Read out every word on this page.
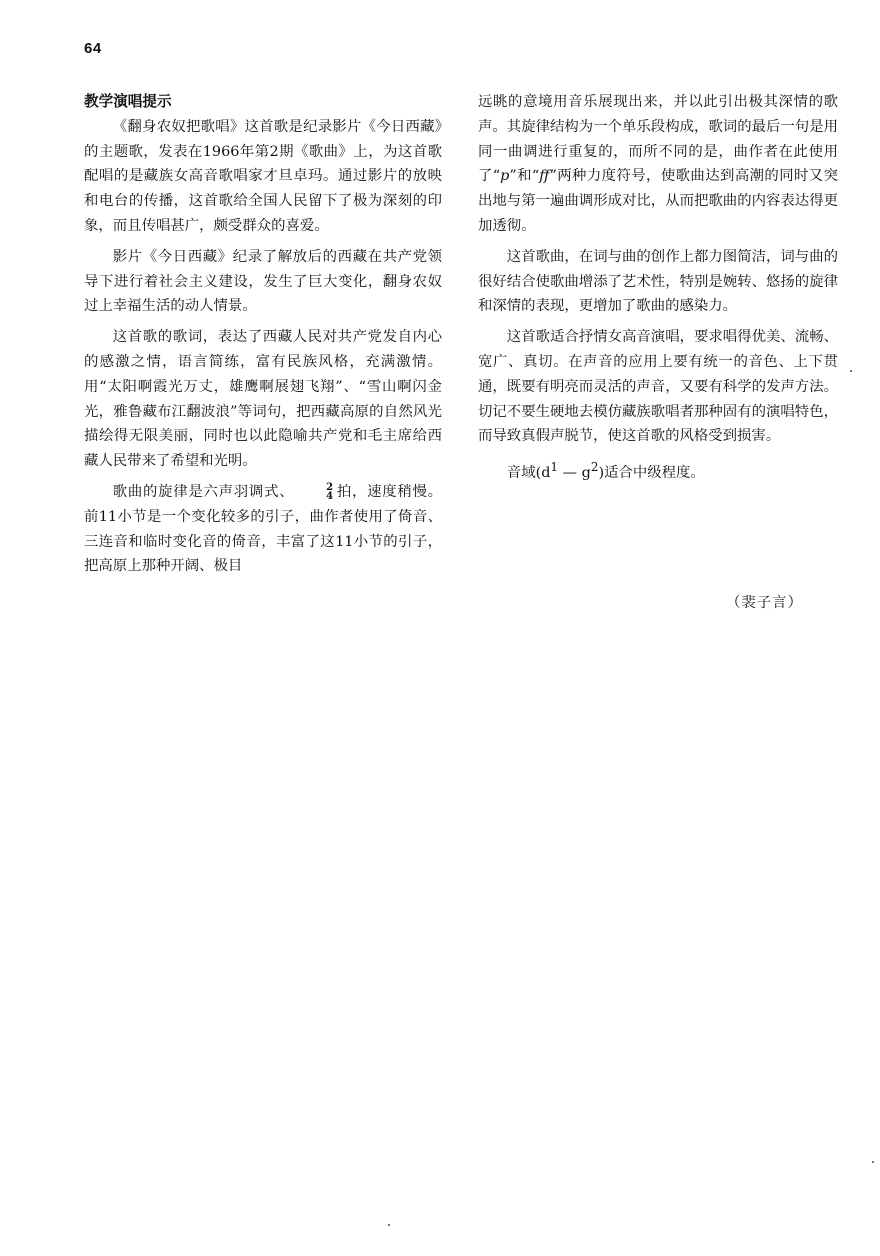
64
教学演唱提示

《翻身农奴把歌唱》这首歌是纪录影片《今日西藏》的主题歌，发表在1966年第2期《歌曲》上，为这首歌配唱的是藏族女高音歌唱家才旦卓玛。通过影片的放映和电台的传播，这首歌给全国人民留下了极为深刻的印象，而且传唱甚广，颇受群众的喜爱。

影片《今日西藏》纪录了解放后的西藏在共产党领导下进行着社会主义建设，发生了巨大变化，翻身农奴过上幸福生活的动人情景。

这首歌的歌词，表达了西藏人民对共产党发自内心的感激之情，语言简练，富有民族风格，充满激情。用“太阳啊霞光万丈，雄鹰啊展翅飞翔”、“雪山啊闪金光，雅鲁藏布江翻波浪”等词句，把西藏高原的自然风光描绘得无限美丽，同时也以此隐喻共产党和毛主席给西藏人民带来了希望和光明。

歌曲的旋律是六声羽调式、	2
4 拍，速度稍慢。前11小节是一个变化较多的引子，曲作者使用了倚音、三连音和临时变化音的倚音，丰富了这11小节的引子，把高原上那种开阔、极目

远眺的意境用音乐展现出来，并以此引出极其深情的歌声。其旋律结构为一个单乐段构成，歌词的最后一句是用同一曲调进行重复的，而所不同的是，曲作者在此使用了“p”和“ff”两种力度符号，使歌曲达到高潮的同时又突出地与第一遍曲调形成对比，从而把歌曲的内容表达得更加透彻。

这首歌曲，在词与曲的创作上都力图简洁，词与曲的很好结合使歌曲增添了艺术性，特别是婉转、悠扬的旋律和深情的表现，更增加了歌曲的感染力。

这首歌适合抒情女高音演唱，要求唱得优美、流畅、宽广、真切。在声音的应用上要有统一的音色、上下贯通，既要有明亮而灵活的声音，又要有科学的发声方法。切记不要生硬地去模仿藏族歌唱者那种固有的演唱特色，而导致真假声脱节，使这首歌的风格受到损害。

音域($d^1$ — $g^2$)适合中级程度。

（裴子言）
